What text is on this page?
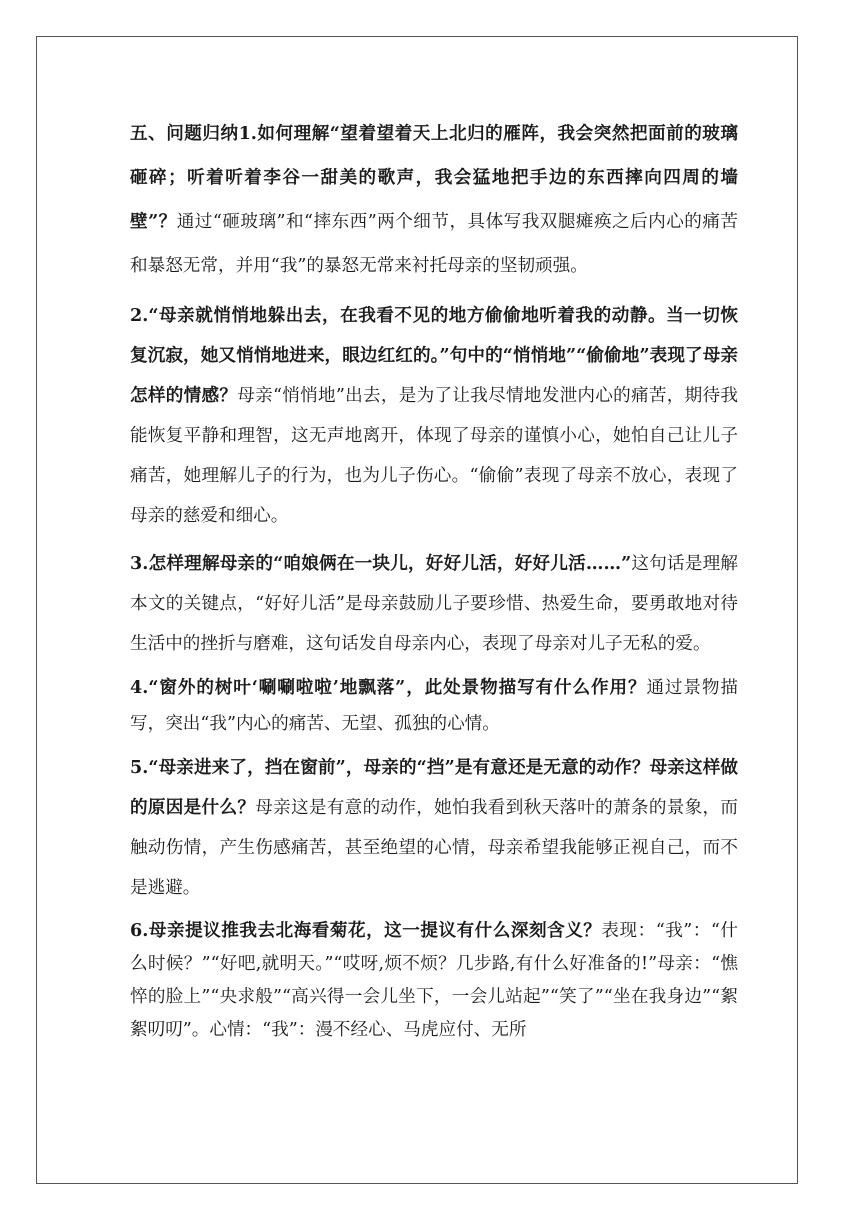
五、问题归纳1.如何理解“望着望着天上北归的雁阵，我会突然把面前的玻璃砸碎；听着听着李谷一甜美的歌声，我会猛地把手边的东西摔向四周的墙壁”？通过“砸玻璃”和“摔东西”两个细节，具体写我双腿瘫痪之后内心的痛苦和暴怒无常，并用“我”的暴怒无常来衬托母亲的坚韧顽强。

2.“母亲就悄悄地躲出去，在我看不见的地方偷偷地听着我的动静。当一切恢复沉寂，她又悄悄地进来，眼边红红的。”句中的“悄悄地”“偷偷地”表现了母亲怎样的情感？母亲“悄悄地”出去，是为了让我尽情地发泄内心的痛苦，期待我能恢复平静和理智，这无声地离开，体现了母亲的谨慎小心，她怕自己让儿子痛苦，她理解儿子的行为，也为儿子伤心。“偷偷”表现了母亲不放心，表现了母亲的慈爱和细心。

3.怎样理解母亲的“咱娘俩在一块儿，好好儿活，好好儿活……”这句话是理解本文的关键点，“好好儿活”是母亲鼓励儿子要珍惜、热爱生命，要勇敢地对待生活中的挫折与磨难，这句话发自母亲内心，表现了母亲对儿子无私的爱。

4.“窗外的树叶‘唰唰啦啦’地飘落”，此处景物描写有什么作用？通过景物描写，突出“我”内心的痛苦、无望、孤独的心情。

5.“母亲进来了，挡在窗前”，母亲的“挡”是有意还是无意的动作？母亲这样做的原因是什么？母亲这是有意的动作，她怕我看到秋天落叶的萧条的景象，而触动伤情，产生伤感痛苦，甚至绝望的心情，母亲希望我能够正视自己，而不是逃避。

6.母亲提议推我去北海看菊花，这一提议有什么深刻含义？表现：“我”：“什么时候？”“好吧,就明天。”“哎呀,烦不烦？几步路,有什么好准备的!”母亲：“憔悴的脸上”“央求般”“高兴得一会儿坐下，一会儿站起”“笑了”“坐在我身边”“絮絮叨叨”。心情：“我”：漫不经心、马虎应付、无所
